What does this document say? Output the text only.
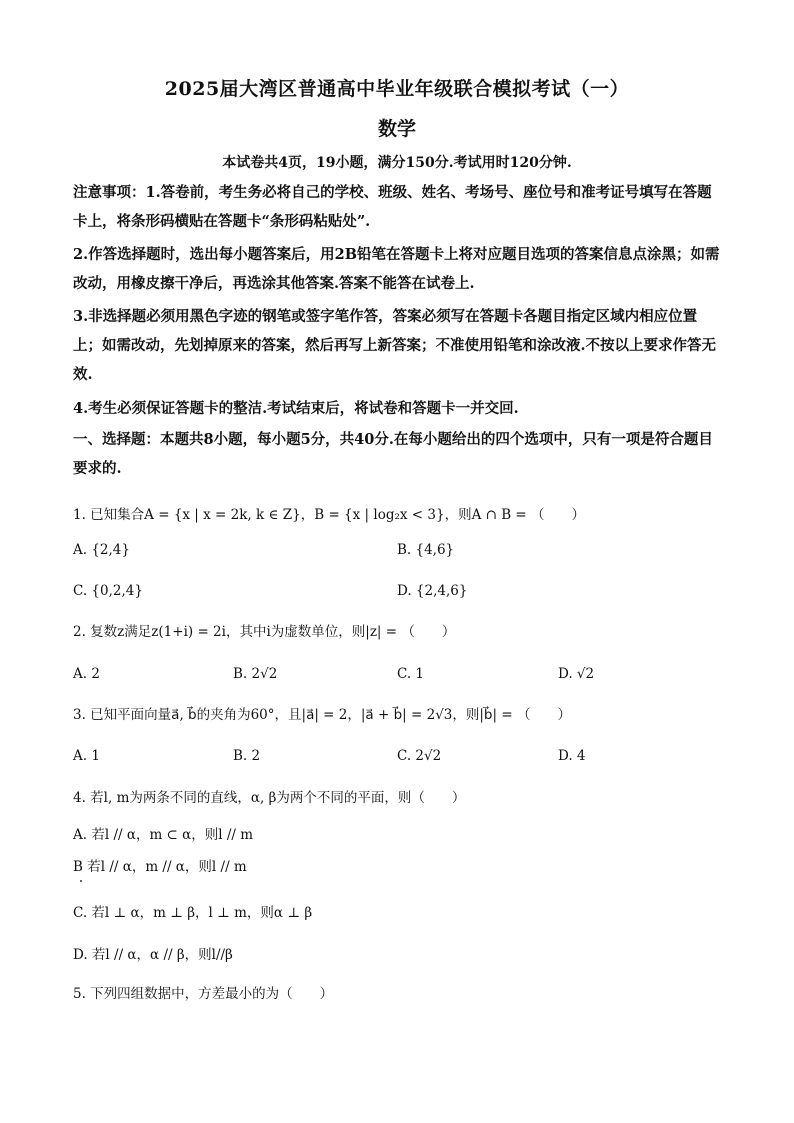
2025届大湾区普通高中毕业年级联合模拟考试（一）
数学
本试卷共4页，19小题，满分150分.考试用时120分钟.
注意事项：1.答卷前，考生务必将自己的学校、班级、姓名、考场号、座位号和准考证号填写在答题卡上，将条形码横贴在答题卡“条形码粘贴处”.
2.作答选择题时，选出每小题答案后，用2B铅笔在答题卡上将对应题目选项的答案信息点涂黑；如需改动，用橡皮擦干净后，再选涂其他答案.答案不能答在试卷上.
3.非选择题必须用黑色字迹的钢笔或签字笔作答，答案必须写在答题卡各题目指定区域内相应位置上；如需改动，先划掉原来的答案，然后再写上新答案；不准使用铅笔和涂改液.不按以上要求作答无效.
4.考生必须保证答题卡的整洁.考试结束后，将试卷和答题卡一并交回.
一、选择题：本题共8小题，每小题5分，共40分.在每小题给出的四个选项中，只有一项是符合题目要求的.
1. 已知集合A = {x | x = 2k, k ∈ Z}，B = {x | log₂x < 3}，则A ∩ B = （　　）
A. {2,4}	B. {4,6}
C. {0,2,4}	D. {2,4,6}
2. 复数z满足z(1+i) = 2i，其中i为虚数单位，则|z| = （　　）
A. 2	B. 2√2	C. 1	D. √2
3. 已知平面向量a⃗, b⃗的夹角为60°，且|a⃗| = 2，|a⃗ + b⃗| = 2√3，则|b⃗| = （　　）
A. 1	B. 2	C. 2√2	D. 4
4. 若l, m为两条不同的直线，α, β为两个不同的平面，则（　　）
A. 若l // α，m ⊂ α，则l // m
B 若l // α，m // α，则l // m
C. 若l ⊥ α，m ⊥ β，l ⊥ m，则α ⊥ β
D. 若l // α，α // β，则l//β
5. 下列四组数据中，方差最小的为（　　）
